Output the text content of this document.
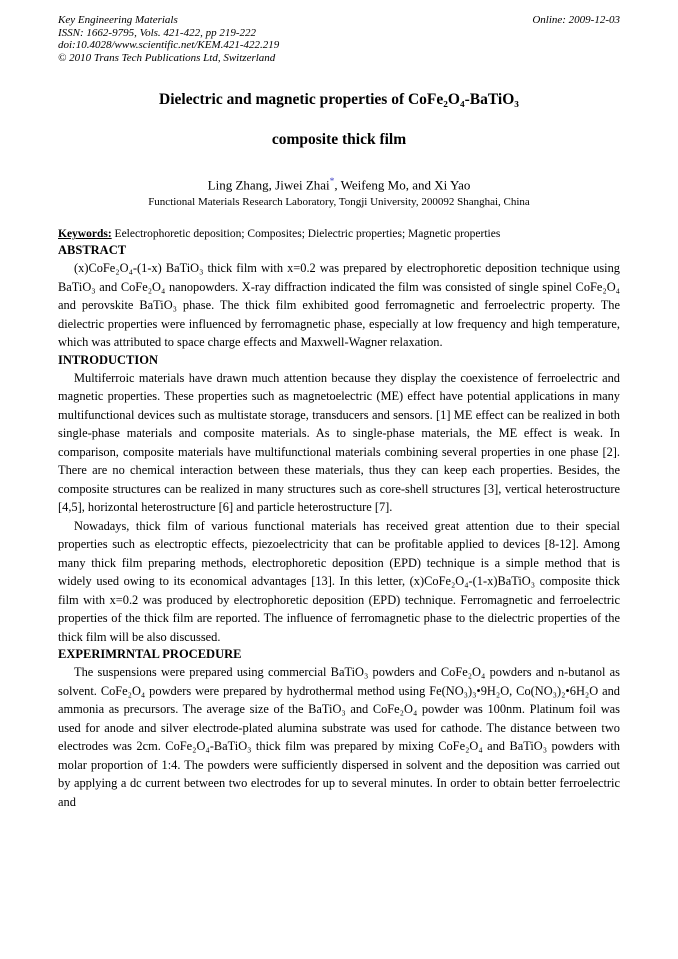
Key Engineering Materials
ISSN: 1662-9795, Vols. 421-422, pp 219-222
doi:10.4028/www.scientific.net/KEM.421-422.219
© 2010 Trans Tech Publications Ltd, Switzerland
Online: 2009-12-03
Dielectric and magnetic properties of CoFe₂O₄-BaTiO₃
composite thick film
Ling Zhang, Jiwei Zhai*, Weifeng Mo, and Xi Yao
Functional Materials Research Laboratory, Tongji University, 200092 Shanghai, China
Keywords: Eelectrophoretic deposition; Composites; Dielectric properties; Magnetic properties
ABSTRACT

(x)CoFe₂O₄-(1-x) BaTiO₃ thick film with x=0.2 was prepared by electrophoretic deposition technique using BaTiO₃ and CoFe₂O₄ nanopowders. X-ray diffraction indicated the film was consisted of single spinel CoFe₂O₄ and perovskite BaTiO₃ phase. The thick film exhibited good ferromagnetic and ferroelectric property. The dielectric properties were influenced by ferromagnetic phase, especially at low frequency and high temperature, which was attributed to space charge effects and Maxwell-Wagner relaxation.

INTRODUCTION

Multiferroic materials have drawn much attention because they display the coexistence of ferroelectric and magnetic properties. These properties such as magnetoelectric (ME) effect have potential applications in many multifunctional devices such as multistate storage, transducers and sensors. [1] ME effect can be realized in both single-phase materials and composite materials. As to single-phase materials, the ME effect is weak. In comparison, composite materials have multifunctional materials combining several properties in one phase [2]. There are no chemical interaction between these materials, thus they can keep each properties. Besides, the composite structures can be realized in many structures such as core-shell structures [3], vertical heterostructure [4,5], horizontal heterostructure [6] and particle heterostructure [7].

Nowadays, thick film of various functional materials has received great attention due to their special properties such as electroptic effects, piezoelectricity that can be profitable applied to devices [8-12]. Among many thick film preparing methods, electrophoretic deposition (EPD) technique is a simple method that is widely used owing to its economical advantages [13]. In this letter, (x)CoFe₂O₄-(1-x)BaTiO₃ composite thick film with x=0.2 was produced by electrophoretic deposition (EPD) technique. Ferromagnetic and ferroelectric properties of the thick film are reported. The influence of ferromagnetic phase to the dielectric properties of the thick film will be also discussed.

EXPERIMRNTAL PROCEDURE

The suspensions were prepared using commercial BaTiO₃ powders and CoFe₂O₄ powders and n-butanol as solvent. CoFe₂O₄ powders were prepared by hydrothermal method using Fe(NO₃)₃•9H₂O, Co(NO₃)₂•6H₂O and ammonia as precursors. The average size of the BaTiO₃ and CoFe₂O₄ powder was 100nm. Platinum foil was used for anode and silver electrode-plated alumina substrate was used for cathode. The distance between two electrodes was 2cm. CoFe₂O₄-BaTiO₃ thick film was prepared by mixing CoFe₂O₄ and BaTiO₃ powders with molar proportion of 1:4. The powders were sufficiently dispersed in solvent and the deposition was carried out by applying a dc current between two electrodes for up to several minutes. In order to obtain better ferroelectric and
